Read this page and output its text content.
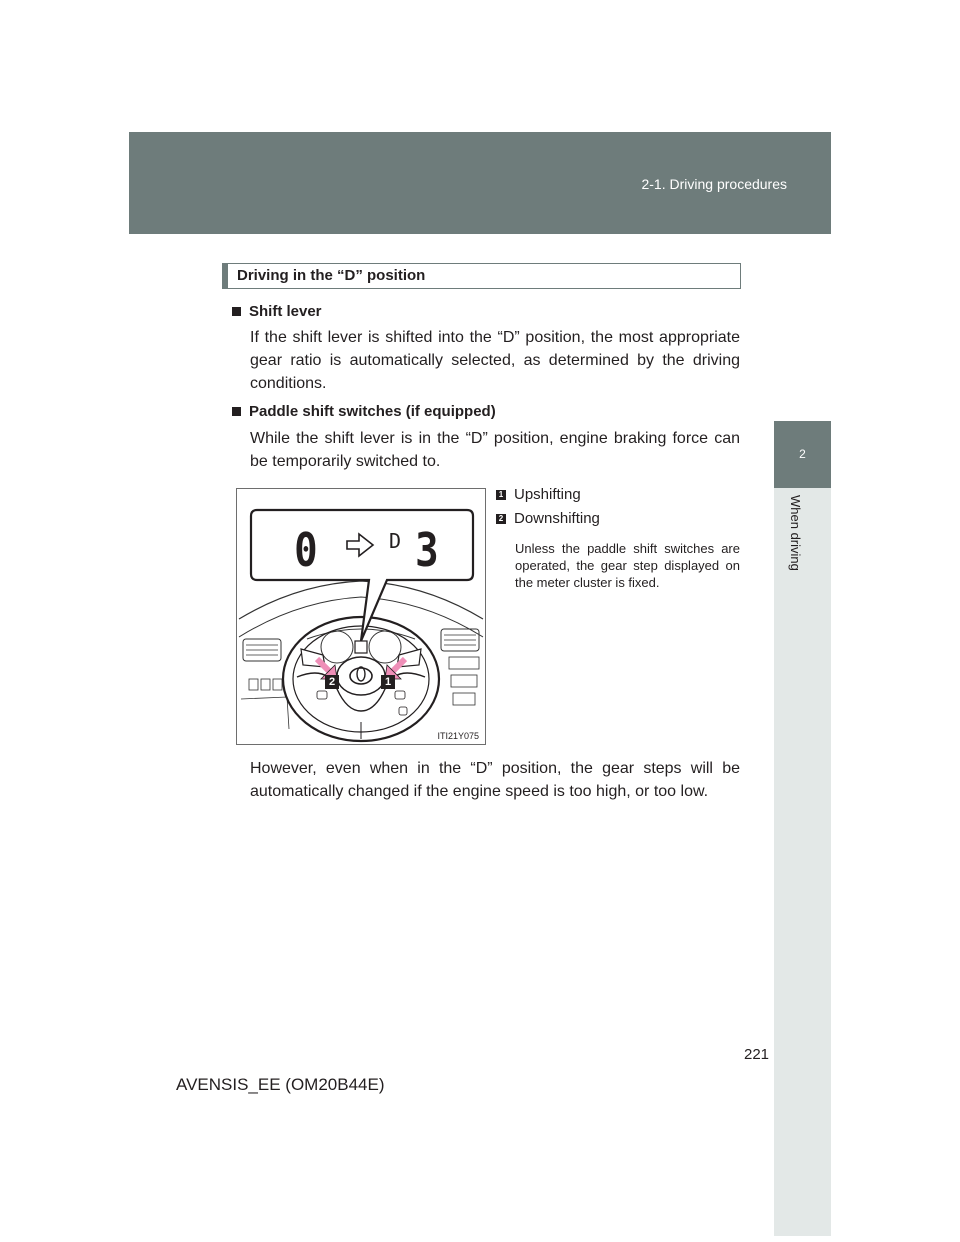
2-1. Driving procedures
2
When driving
Driving in the “D” position
Shift lever
If the shift lever is shifted into the “D” position, the most appropriate gear ratio is automatically selected, as determined by the driving conditions.
Paddle shift switches (if equipped)
While the shift lever is in the “D” position, engine braking force can be temporarily switched to.
0	D 3
2	1
ITI21Y075
1 Upshifting
2 Downshifting
Unless the paddle shift switches are operated, the gear step displayed on the meter cluster is fixed.
However, even when in the “D” position, the gear steps will be automatically changed if the engine speed is too high, or too low.
221
AVENSIS_EE (OM20B44E)
